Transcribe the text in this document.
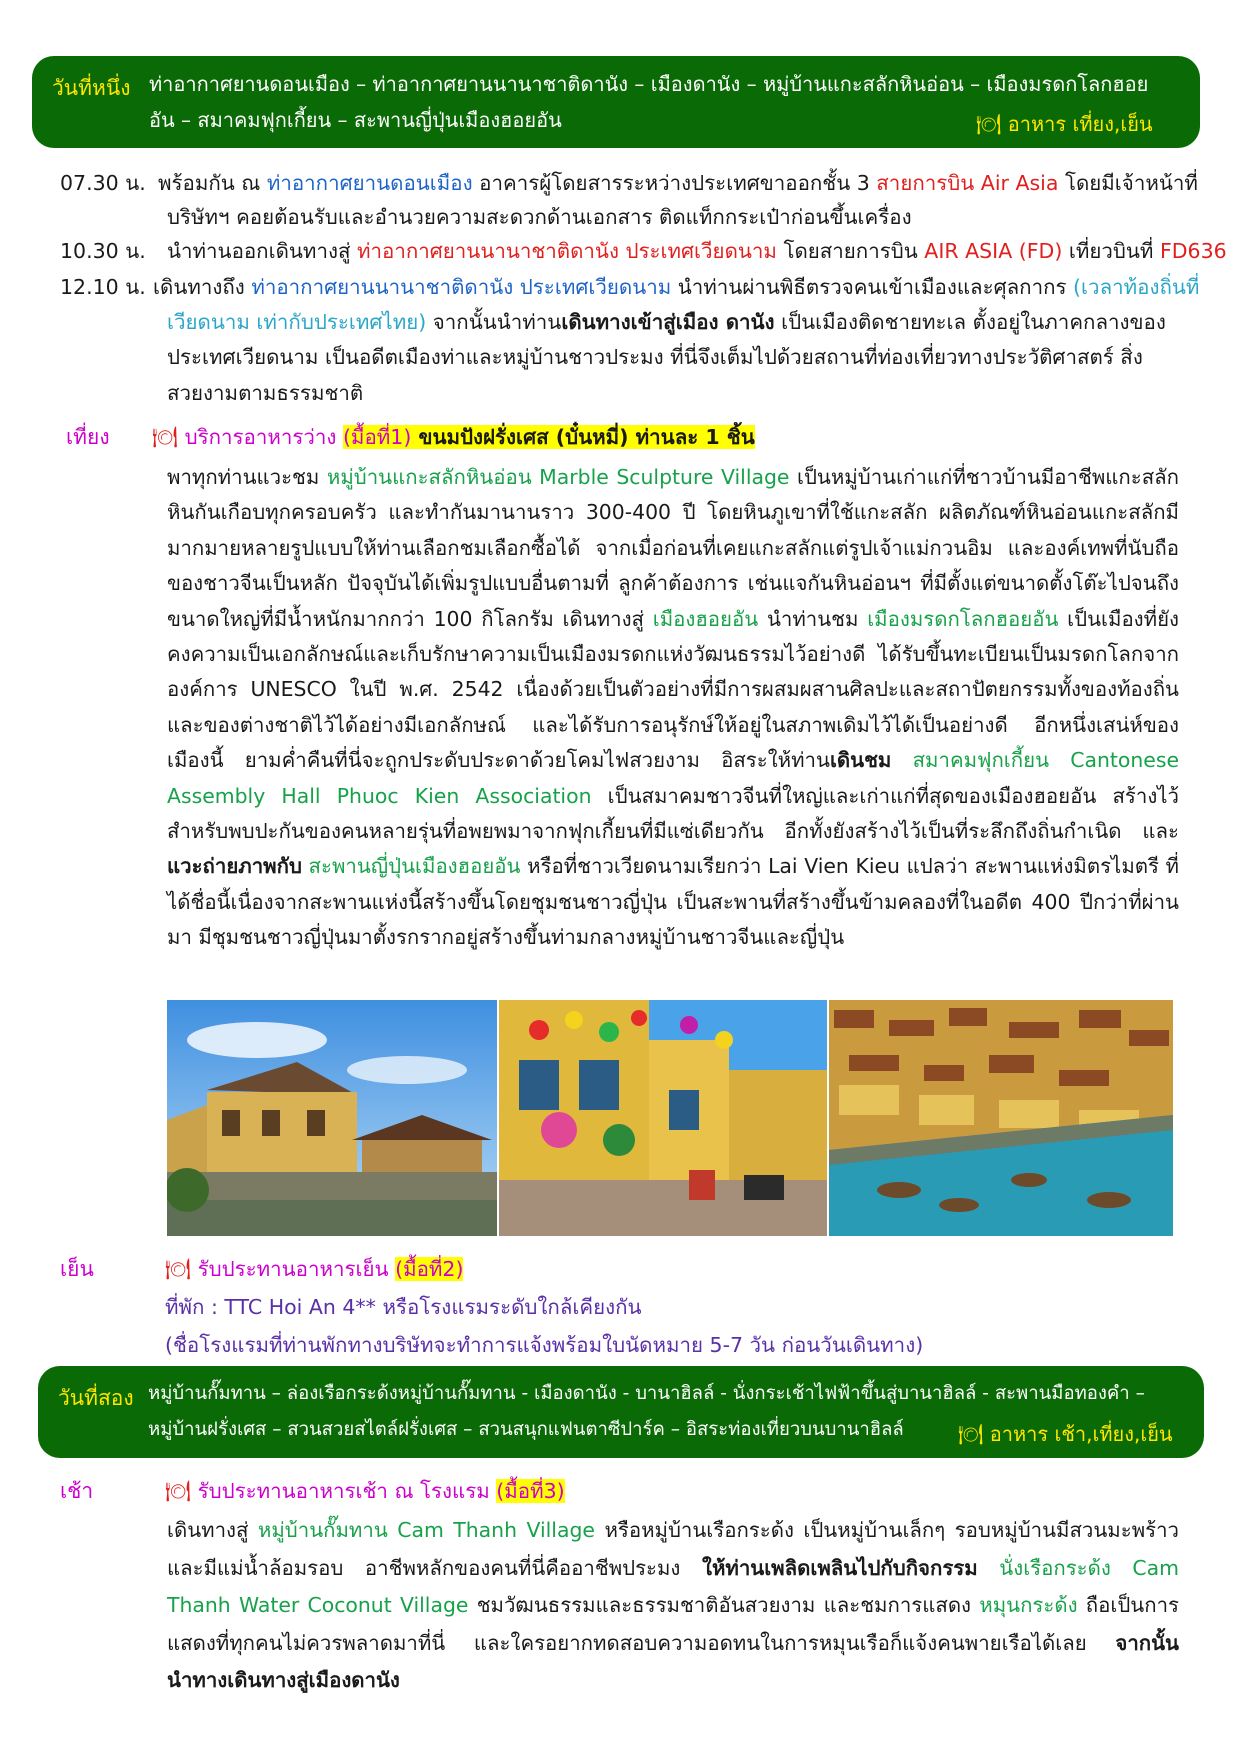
วันที่หนึ่ง ท่าอากาศยานดอนเมือง – ท่าอากาศยานนานาชาติดานัง – เมืองดานัง – หมู่บ้านแกะสลักหินอ่อน – เมืองมรดกโลกฮอย
อัน – สมาคมฟุกเกี้ยน – สะพานญี่ปุ่นเมืองฮอยอัน	🍽 อาหาร เที่ยง,เย็น
07.30 น. พร้อมกัน ณ ท่าอากาศยานดอนเมือง อาคารผู้โดยสารระหว่างประเทศขาออกชั้น 3 สายการบิน Air Asia โดยมีเจ้าหน้าที่
บริษัทฯ คอยต้อนรับและอำนวยความสะดวกด้านเอกสาร ติดแท็กกระเป๋าก่อนขึ้นเครื่อง
10.30 น. นำท่านออกเดินทางสู่ ท่าอากาศยานนานาชาติดานัง ประเทศเวียดนาม โดยสายการบิน AIR ASIA (FD) เที่ยวบินที่ FD636
12.10 น. เดินทางถึง ท่าอากาศยานนานาชาติดานัง ประเทศเวียดนาม นำท่านผ่านพิธีตรวจคนเข้าเมืองและศุลกากร (เวลาท้องถิ่นที่
เวียดนาม เท่ากับประเทศไทย) จากนั้นนำท่านเดินทางเข้าสู่เมือง ดานัง เป็นเมืองติดชายทะเล ตั้งอยู่ในภาคกลางของ
ประเทศเวียดนาม เป็นอดีตเมืองท่าและหมู่บ้านชาวประมง ที่นี่จึงเต็มไปด้วยสถานที่ท่องเที่ยวทางประวัติศาสตร์ สิ่ง
สวยงามตามธรรมชาติ
เที่ยง 🍽 บริการอาหารว่าง (มื้อที่1) ขนมปังฝรั่งเศส (บั๋นหมี่) ท่านละ 1 ชิ้น
พาทุกท่านแวะชม หมู่บ้านแกะสลักหินอ่อน Marble Sculpture Village เป็นหมู่บ้านเก่าแก่ที่ชาวบ้านมีอาชีพแกะสลักหินกันเกือบทุกครอบครัว และทำกันมานานราว 300-400 ปี โดยหินภูเขาที่ใช้แกะสลัก ผลิตภัณฑ์หินอ่อนแกะสลักมีมากมายหลายรูปแบบให้ท่านเลือกชมเลือกซื้อได้ จากเมื่อก่อนที่เคยแกะสลักแต่รูปเจ้าแม่กวนอิม และองค์เทพที่นับถือของชาวจีนเป็นหลัก ปัจจุบันได้เพิ่มรูปแบบอื่นตามที่ ลูกค้าต้องการ เช่นแจกันหินอ่อนฯ ที่มีตั้งแต่ขนาดตั้งโต๊ะไปจนถึงขนาดใหญ่ที่มีน้ำหนักมากกว่า 100 กิโลกรัม เดินทางสู่ เมืองฮอยอัน นำท่านชม เมืองมรดกโลกฮอยอัน เป็นเมืองที่ยังคงความเป็นเอกลักษณ์และเก็บรักษาความเป็นเมืองมรดกแห่งวัฒนธรรมไว้อย่างดี ได้รับขึ้นทะเบียนเป็นมรดกโลกจากองค์การ UNESCO ในปี พ.ศ. 2542 เนื่องด้วยเป็นตัวอย่างที่มีการผสมผสานศิลปะและสถาปัตยกรรมทั้งของท้องถิ่นและของต่างชาติไว้ได้อย่างมีเอกลักษณ์ และได้รับการอนุรักษ์ให้อยู่ในสภาพเดิมไว้ได้เป็นอย่างดี อีกหนึ่งเสน่ห์ของเมืองนี้ ยามค่ำคืนที่นี่จะถูกประดับประดาด้วยโคมไฟสวยงาม อิสระให้ท่านเดินชม สมาคมฟุกเกี้ยน Cantonese Assembly Hall Phuoc Kien Association เป็นสมาคมชาวจีนที่ใหญ่และเก่าแก่ที่สุดของเมืองฮอยอัน สร้างไว้สำหรับพบปะกันของคนหลายรุ่นที่อพยพมาจากฟุกเกี้ยนที่มีแซ่เดียวกัน อีกทั้งยังสร้างไว้เป็นที่ระลึกถึงถิ่นกำเนิด และ แวะถ่ายภาพกับ สะพานญี่ปุ่นเมืองฮอยอัน หรือที่ชาวเวียดนามเรียกว่า Lai Vien Kieu แปลว่า สะพานแห่งมิตรไมตรี ที่ได้ชื่อนี้เนื่องจากสะพานแห่งนี้สร้างขึ้นโดยชุมชนชาวญี่ปุ่น เป็นสะพานที่สร้างขึ้นข้ามคลองที่ในอดีต 400 ปีกว่าที่ผ่านมา มีชุมชนชาวญี่ปุ่นมาตั้งรกรากอยู่สร้างขึ้นท่ามกลางหมู่บ้านชาวจีนและญี่ปุ่น
เย็น	🍽 รับประทานอาหารเย็น (มื้อที่2)
ที่พัก : TTC Hoi An 4** หรือโรงแรมระดับใกล้เคียงกัน
(ชื่อโรงแรมที่ท่านพักทางบริษัทจะทำการแจ้งพร้อมใบนัดหมาย 5-7 วัน ก่อนวันเดินทาง)
วันที่สอง หมู่บ้านกั๊มทาน – ล่องเรือกระด้งหมู่บ้านกั๊มทาน - เมืองดานัง - บานาฮิลล์ - นั่งกระเช้าไฟฟ้าขึ้นสู่บานาฮิลล์ - สะพานมือทองคำ –
หมู่บ้านฝรั่งเศส – สวนสวยสไตล์ฝรั่งเศส – สวนสนุกแฟนตาซีปาร์ค – อิสระท่องเที่ยวบนบานาฮิลล์	🍽 อาหาร เช้า,เที่ยง,เย็น
เช้า	🍽 รับประทานอาหารเช้า ณ โรงแรม (มื้อที่3)
เดินทางสู่ หมู่บ้านกั๊มทาน Cam Thanh Village หรือหมู่บ้านเรือกระด้ง เป็นหมู่บ้านเล็กๆ รอบหมู่บ้านมีสวนมะพร้าวและมีแม่น้ำล้อมรอบ อาชีพหลักของคนที่นี่คืออาชีพประมง ให้ท่านเพลิดเพลินไปกับกิจกรรม นั่งเรือกระด้ง Cam Thanh Water Coconut Village ชมวัฒนธรรมและธรรมชาติอันสวยงาม และชมการแสดง หมุนกระด้ง ถือเป็นการแสดงที่ทุกคนไม่ควรพลาดมาที่นี่ และใครอยากทดสอบความอดทนในการหมุนเรือก็แจ้งคนพายเรือได้เลย จากนั้นนำทางเดินทางสู่เมืองดานัง
